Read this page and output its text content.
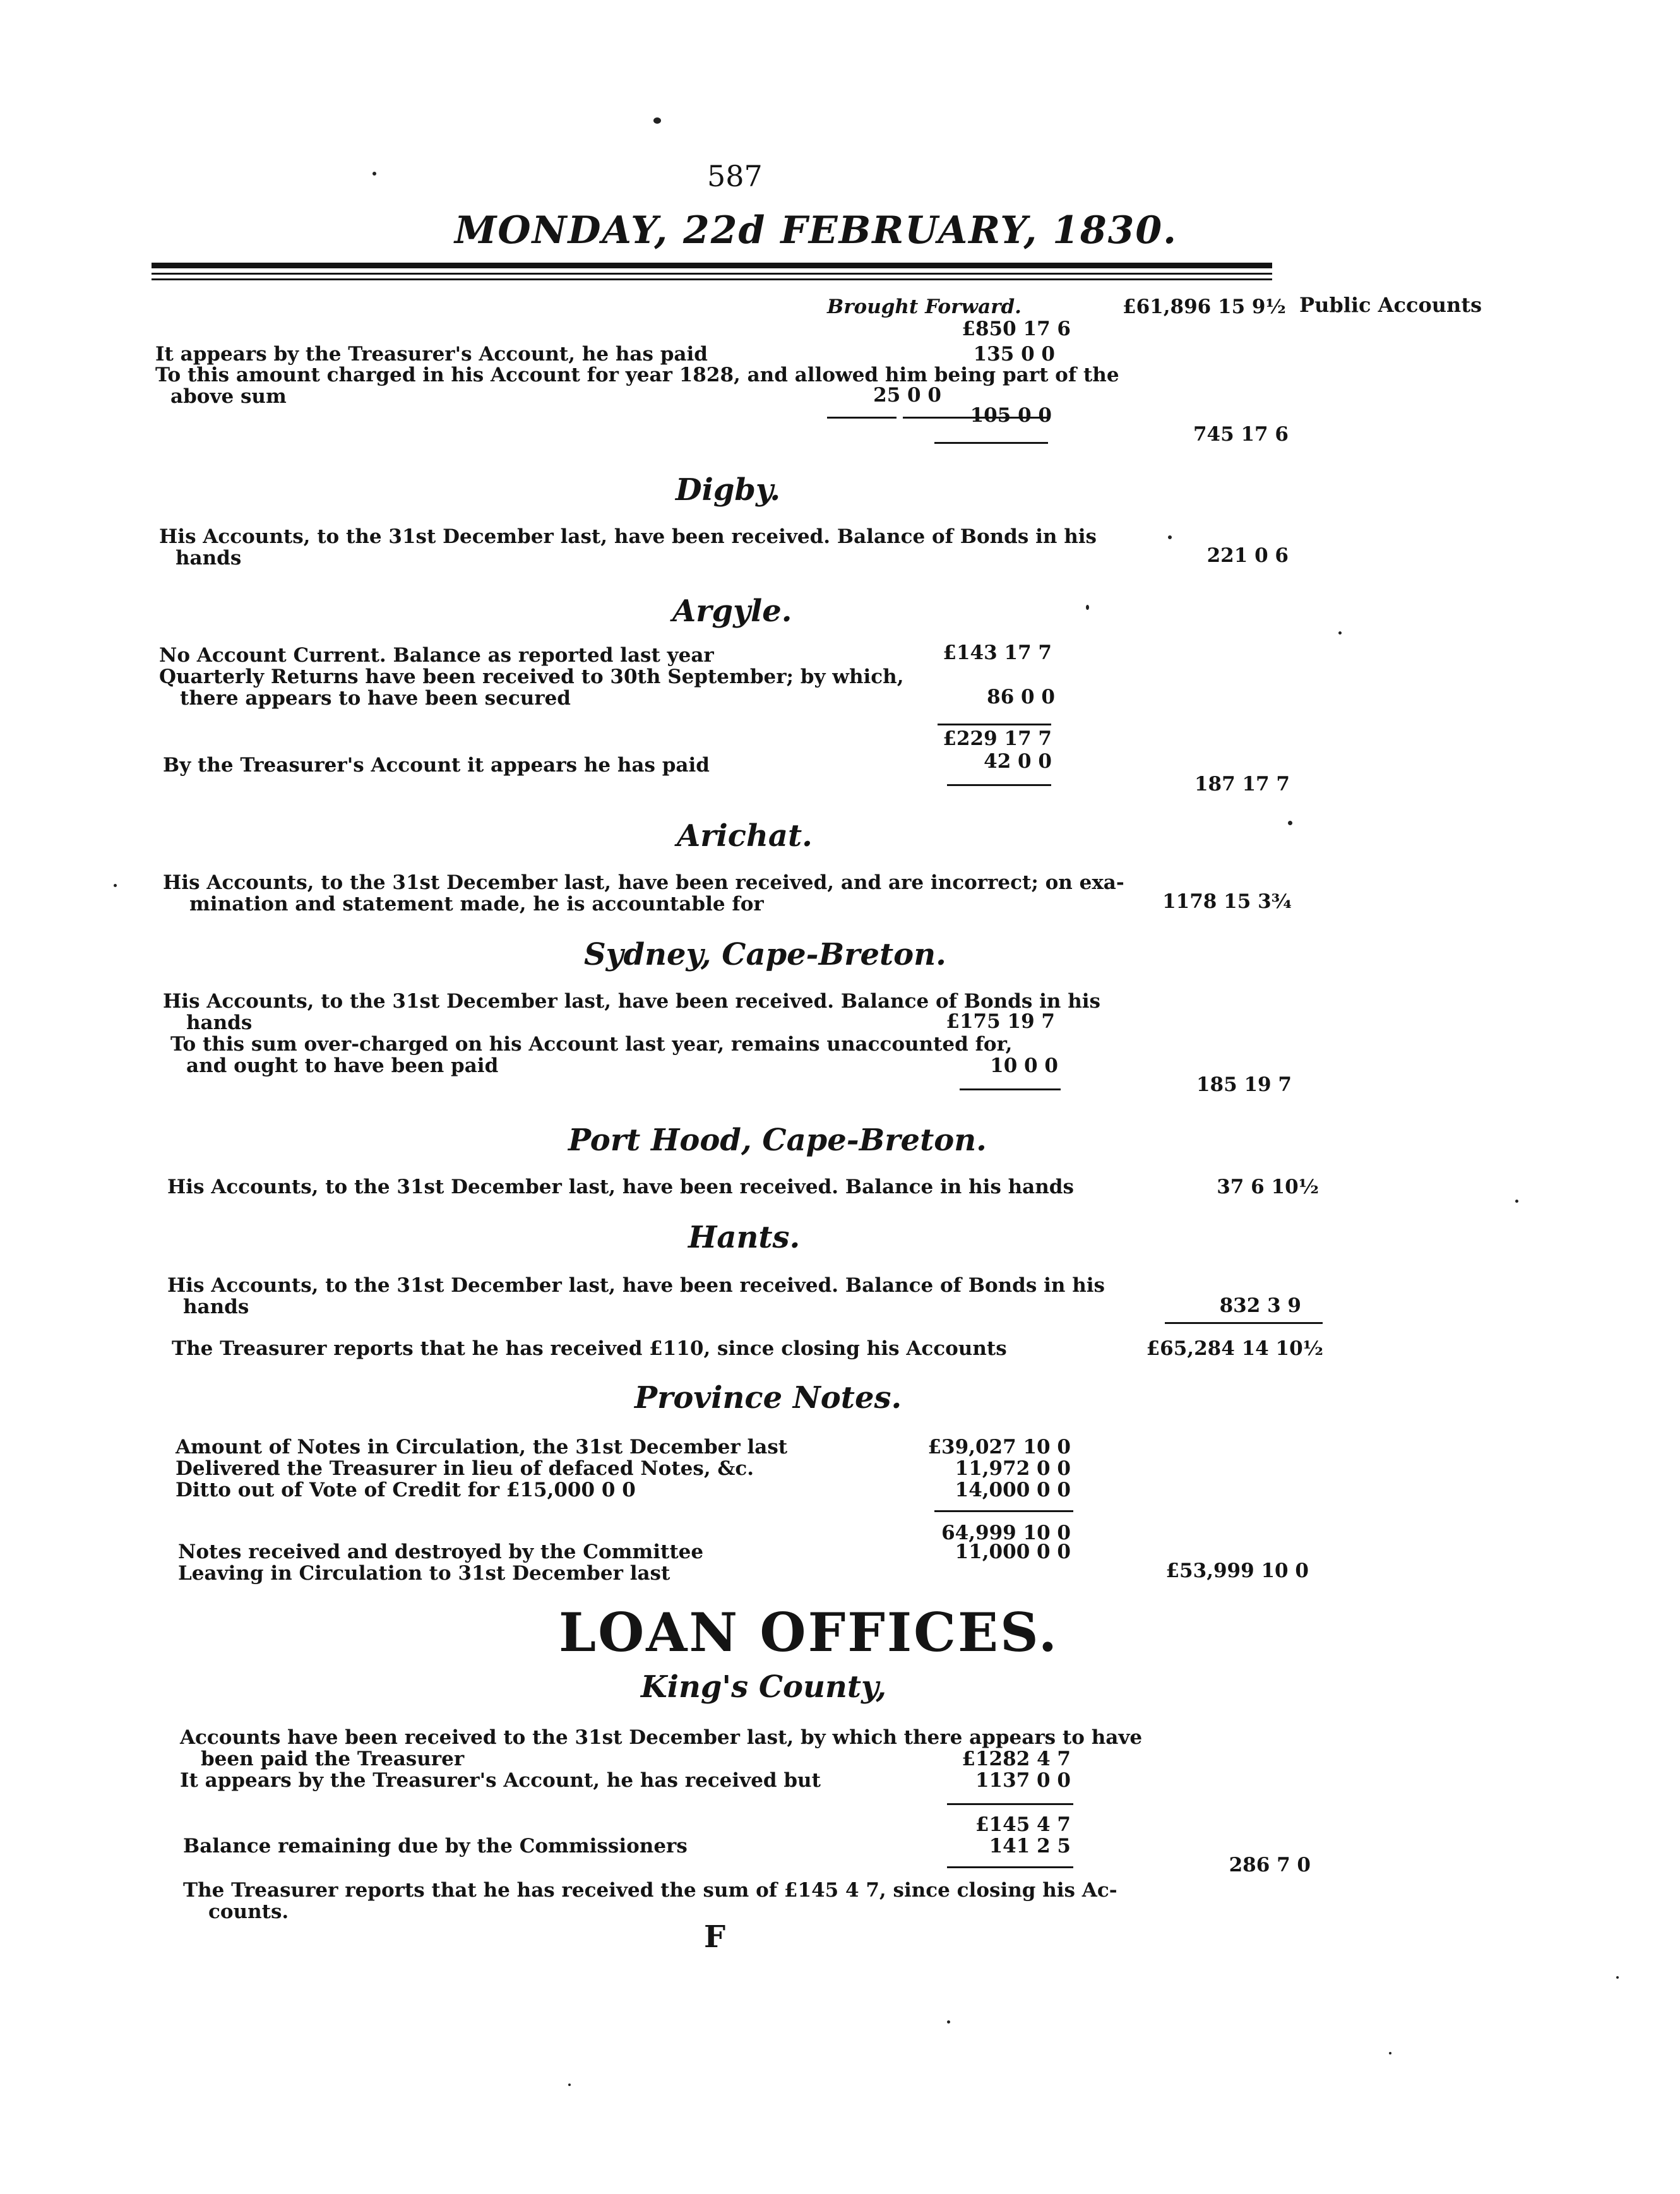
587
MONDAY, 22d FEBRUARY, 1830.
Brought Forward.	£61,896 15 9½ Public Accounts
£850 17 6
It appears by the Treasurer's Account, he has paid	135 0 0
To this amount charged in his Account for year 1828, and allowed him being part of the
above sum	25 0 0
105 0 0
745 17 6
Digby.
His Accounts, to the 31st December last, have been received. Balance of Bonds in his
hands	221 0 6
Argyle.
No Account Current. Balance as reported last year	£143 17 7
Quarterly Returns have been received to 30th September; by which,
there appears to have been secured	86 0 0
£229 17 7
By the Treasurer's Account it appears he has paid	42 0 0
187 17 7
Arichat.
His Accounts, to the 31st December last, have been received, and are incorrect; on exa-
mination and statement made, he is accountable for	1178 15 3¾
Sydney, Cape-Breton.
His Accounts, to the 31st December last, have been received. Balance of Bonds in his
hands	£175 19 7
To this sum over-charged on his Account last year, remains unaccounted for,
and ought to have been paid	10 0 0
185 19 7
Port Hood, Cape-Breton.
His Accounts, to the 31st December last, have been received. Balance in his hands	37 6 10½
Hants.
His Accounts, to the 31st December last, have been received. Balance of Bonds in his
hands	832 3 9
The Treasurer reports that he has received £110, since closing his Accounts	£65,284 14 10½
Province Notes.
Amount of Notes in Circulation, the 31st December last	£39,027 10 0
Delivered the Treasurer in lieu of defaced Notes, &c.	11,972 0 0
Ditto out of Vote of Credit for £15,000 0 0	14,000 0 0
64,999 10 0
Notes received and destroyed by the Committee	11,000 0 0
Leaving in Circulation to 31st December last	£53,999 10 0
LOAN OFFICES.
King's County,
Accounts have been received to the 31st December last, by which there appears to have
been paid the Treasurer	£1282 4 7
It appears by the Treasurer's Account, he has received but	1137 0 0
£145 4 7
Balance remaining due by the Commissioners	141 2 5
286 7 0
The Treasurer reports that he has received the sum of £145 4 7, since closing his Ac-
counts.
F
